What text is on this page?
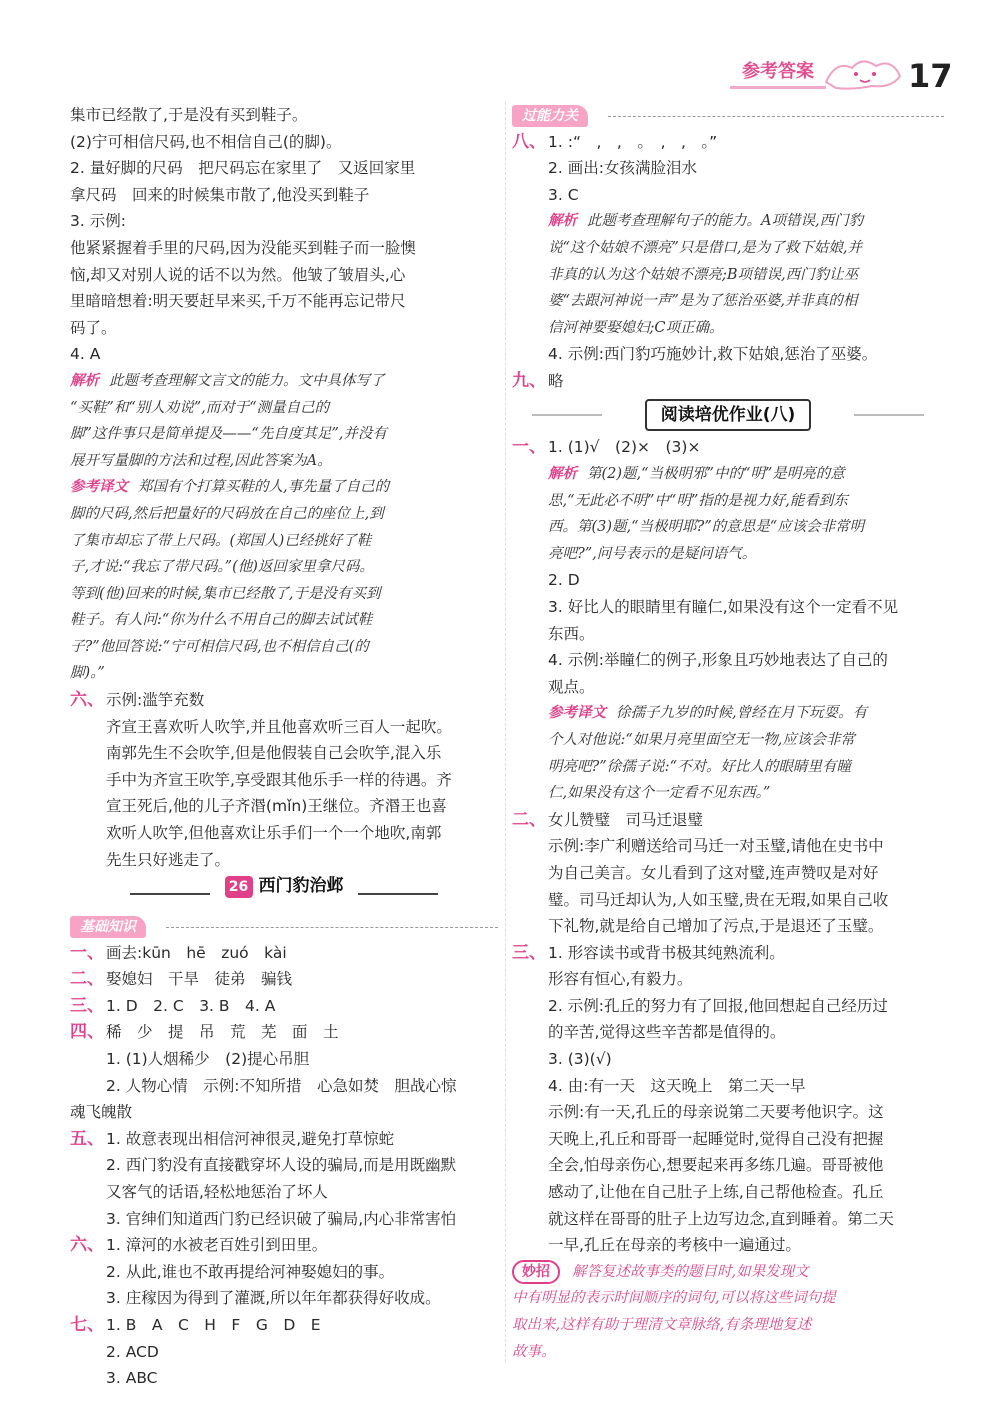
参考答案	17
集市已经散了,于是没有买到鞋子。
(2)宁可相信尺码,也不相信自己(的脚)。
2. 量好脚的尺码　把尺码忘在家里了　又返回家里
拿尺码　回来的时候集市散了,他没买到鞋子
3. 示例:
他紧紧握着手里的尺码,因为没能买到鞋子而一脸懊
恼,却又对别人说的话不以为然。他皱了皱眉头,心
里暗暗想着:明天要赶早来买,千万不能再忘记带尺
码了。
4. A
解析 此题考查理解文言文的能力。文中具体写了
“买鞋”和“别人劝说”,而对于“测量自己的
脚”这件事只是简单提及——“先自度其足”,并没有
展开写量脚的方法和过程,因此答案为A。
参考译文 郑国有个打算买鞋的人,事先量了自己的
脚的尺码,然后把量好的尺码放在自己的座位上,到
了集市却忘了带上尺码。(郑国人)已经挑好了鞋
子,才说:“我忘了带尺码。”(他)返回家里拿尺码。
等到(他)回来的时候,集市已经散了,于是没有买到
鞋子。有人问:“你为什么不用自己的脚去试试鞋
子?”他回答说:“宁可相信尺码,也不相信自己(的
脚)。”
六、 示例:滥竽充数
齐宣王喜欢听人吹竽,并且他喜欢听三百人一起吹。
南郭先生不会吹竽,但是他假装自己会吹竽,混入乐
手中为齐宣王吹竽,享受跟其他乐手一样的待遇。齐
宣王死后,他的儿子齐湣(mǐn)王继位。齐湣王也喜
欢听人吹竽,但他喜欢让乐手们一个一个地吹,南郭
先生只好逃走了。
26 西门豹治邺
基础知识
一、 画去:kūn　hē　zuó　kài
二、 娶媳妇　干旱　徒弟　骗钱
三、 1. D　2. C　3. B　4. A
四、 稀　少　提　吊　荒　芜　面　土
1. (1)人烟稀少　(2)提心吊胆
2. 人物心情　示例:不知所措　心急如焚　胆战心惊
魂飞魄散
五、 1. 故意表现出相信河神很灵,避免打草惊蛇
2. 西门豹没有直接戳穿坏人设的骗局,而是用既幽默
又客气的话语,轻松地惩治了坏人
3. 官绅们知道西门豹已经识破了骗局,内心非常害怕
六、 1. 漳河的水被老百姓引到田里。
2. 从此,谁也不敢再提给河神娶媳妇的事。
3. 庄稼因为得到了灌溉,所以年年都获得好收成。
七、 1. B　A　C　H　F　G　D　E
2. ACD
3. ABC
过能力关
八、 1. :“　,　,　。　,　,　。”
2. 画出:女孩满脸泪水
3. C
解析 此题考查理解句子的能力。A项错误,西门豹
说“这个姑娘不漂亮”只是借口,是为了救下姑娘,并
非真的认为这个姑娘不漂亮;B项错误,西门豹让巫
婆“去跟河神说一声”是为了惩治巫婆,并非真的相
信河神要娶媳妇;C项正确。
4. 示例:西门豹巧施妙计,救下姑娘,惩治了巫婆。
九、 略
阅读培优作业(八)
一、 1. (1)√　(2)×　(3)×
解析 第(2)题,“当极明邪”中的“明”是明亮的意
思,“无此必不明”中“明”指的是视力好,能看到东
西。第(3)题,“当极明耶?”的意思是“应该会非常明
亮吧?”,问号表示的是疑问语气。
2. D
3. 好比人的眼睛里有瞳仁,如果没有这个一定看不见
东西。
4. 示例:举瞳仁的例子,形象且巧妙地表达了自己的
观点。
参考译文 徐孺子九岁的时候,曾经在月下玩耍。有
个人对他说:“如果月亮里面空无一物,应该会非常
明亮吧?”徐孺子说:“不对。好比人的眼睛里有瞳
仁,如果没有这个一定看不见东西。”
二、 女儿赞璧　司马迁退璧
示例:李广利赠送给司马迁一对玉璧,请他在史书中
为自己美言。女儿看到了这对璧,连声赞叹是对好
璧。司马迁却认为,人如玉璧,贵在无瑕,如果自己收
下礼物,就是给自己增加了污点,于是退还了玉璧。
三、 1. 形容读书或背书极其纯熟流利。
形容有恒心,有毅力。
2. 示例:孔丘的努力有了回报,他回想起自己经历过
的辛苦,觉得这些辛苦都是值得的。
3. (3)(√)
4. 由:有一天　这天晚上　第二天一早
示例:有一天,孔丘的母亲说第二天要考他识字。这
天晚上,孔丘和哥哥一起睡觉时,觉得自己没有把握
全会,怕母亲伤心,想要起来再多练几遍。哥哥被他
感动了,让他在自己肚子上练,自己帮他检查。孔丘
就这样在哥哥的肚子上边写边念,直到睡着。第二天
一早,孔丘在母亲的考核中一遍通过。
妙招 解答复述故事类的题目时,如果发现文
中有明显的表示时间顺序的词句,可以将这些词句提
取出来,这样有助于理清文章脉络,有条理地复述
故事。
